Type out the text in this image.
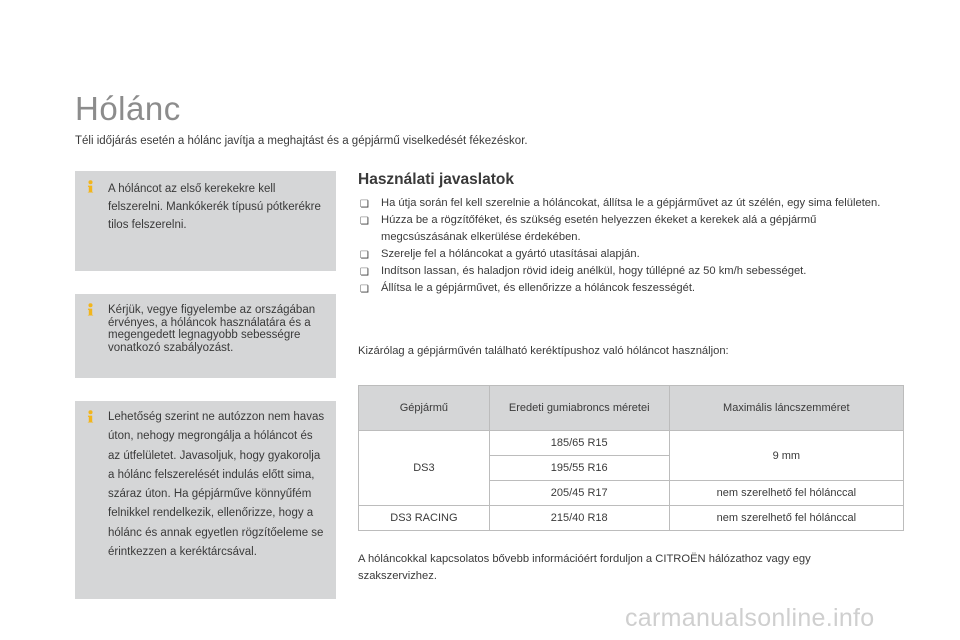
Hólánc
Téli időjárás esetén a hólánc javítja a meghajtást és a gépjármű viselkedését fékezéskor.
A hóláncot az első kerekekre kell felszerelni. Mankókerék típusú pótkerékre tilos felszerelni.
Kérjük, vegye figyelembe az országában érvényes, a hóláncok használatára és a megengedett legnagyobb sebességre vonatkozó szabályozást.
Lehetőség szerint ne autózzon nem havas úton, nehogy megrongálja a hóláncot és az útfelületet. Javasoljuk, hogy gyakorolja a hólánc felszerelését indulás előtt sima, száraz úton. Ha gépjárműve könnyűfém felnikkel rendelkezik, ellenőrizze, hogy a hólánc és annak egyetlen rögzítőeleme se érintkezzen a keréktárcsával.
Használati javaslatok
❏ Ha útja során fel kell szerelnie a hóláncokat, állítsa le a gépjárművet az út szélén, egy sima felületen.
❏ Húzza be a rögzítőféket, és szükség esetén helyezzen ékeket a kerekek alá a gépjármű megcsúszásának elkerülése érdekében.
❏ Szerelje fel a hóláncokat a gyártó utasításai alapján.
❏ Indítson lassan, és haladjon rövid ideig anélkül, hogy túllépné az 50 km/h sebességet.
❏ Állítsa le a gépjárművet, és ellenőrizze a hóláncok feszességét.
Kizárólag a gépjárművén található keréktípushoz való hóláncot használjon:
Gépjármű	Eredeti gumiabroncs méretei	Maximális láncszemméret
DS3	185/65 R15	9 mm
	195/55 R16	
	205/45 R17	nem szerelhető fel hólánccal
DS3 RACING	215/40 R18	nem szerelhető fel hólánccal
A hóláncokkal kapcsolatos bővebb információért forduljon a CITROËN hálózathoz vagy egy szakszervizhez.
carmanualsonline.info
